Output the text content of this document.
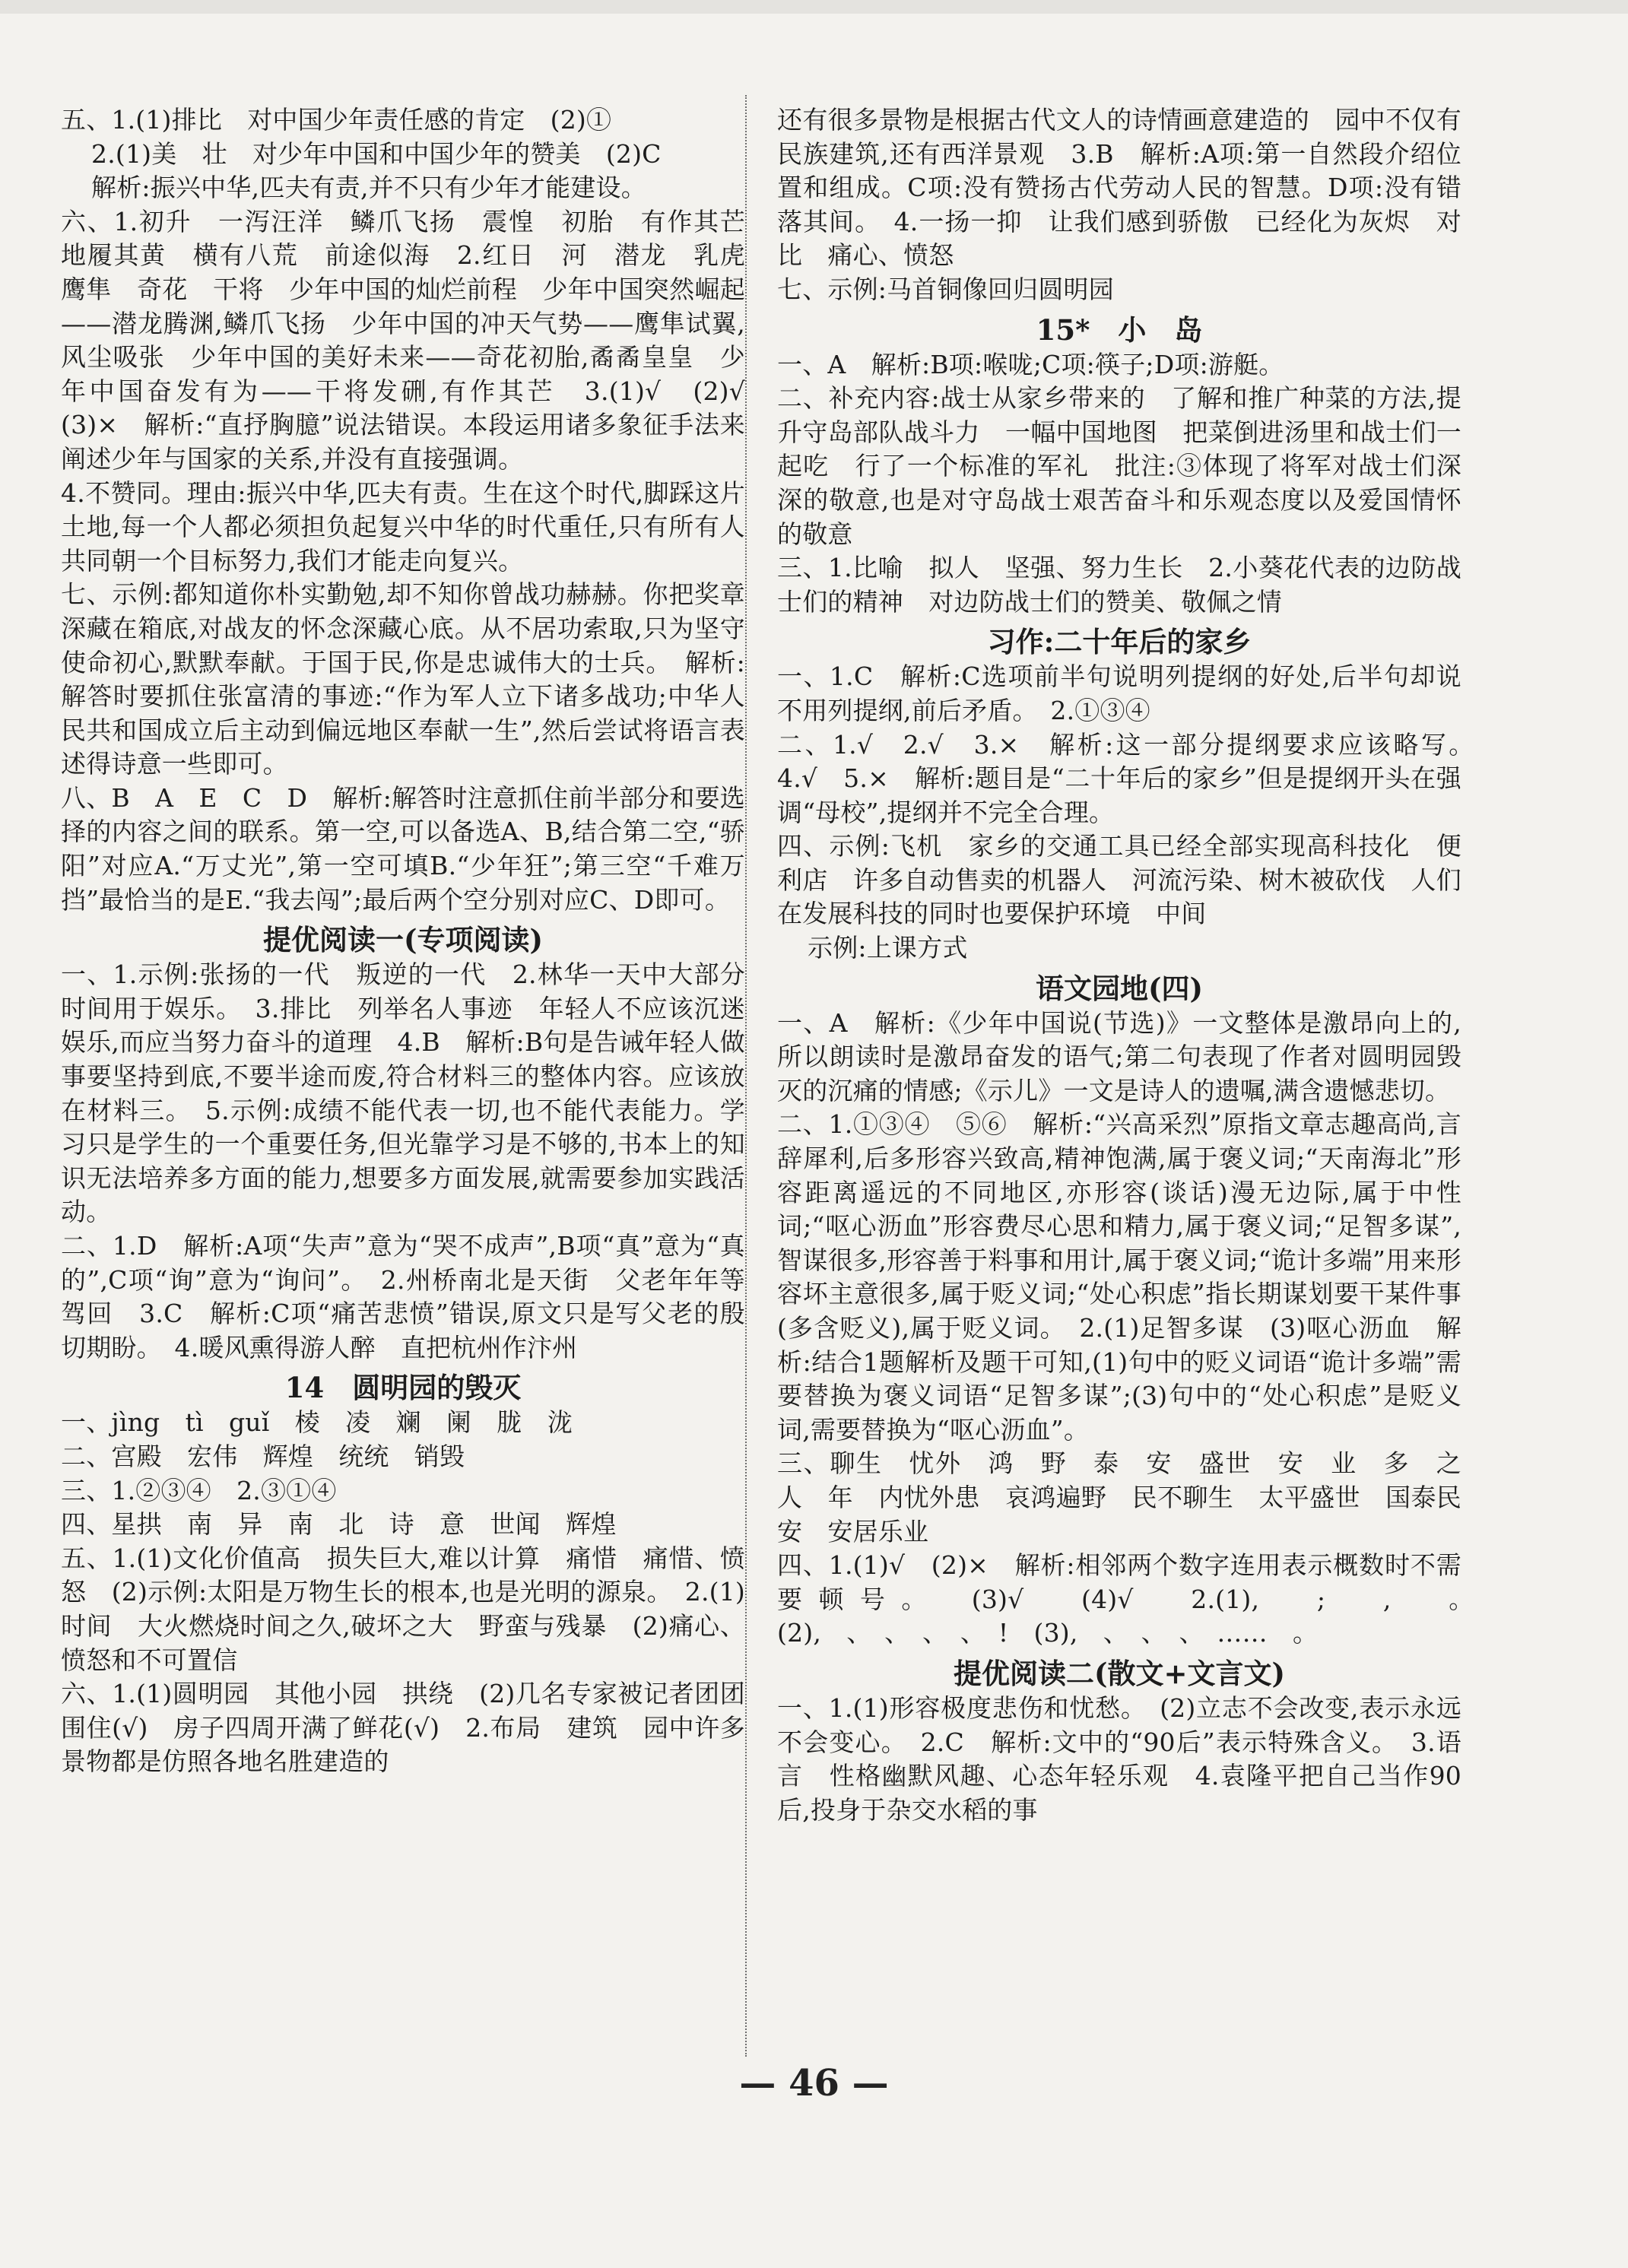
五、1.(1)排比　对中国少年责任感的肯定　(2)①

2.(1)美　壮　对少年中国和中国少年的赞美　(2)C

解析:振兴中华,匹夫有责,并不只有少年才能建设。

六、1.初升　一泻汪洋　鳞爪飞扬　震惶　初胎　有作其芒　地履其黄　横有八荒　前途似海　2.红日　河　潜龙　乳虎　鹰隼　奇花　干将　少年中国的灿烂前程　少年中国突然崛起——潜龙腾渊,鳞爪飞扬　少年中国的冲天气势——鹰隼试翼,风尘吸张　少年中国的美好未来——奇花初胎,矞矞皇皇　少年中国奋发有为——干将发硎,有作其芒　3.(1)√　(2)√　(3)×　解析:“直抒胸臆”说法错误。本段运用诸多象征手法来阐述少年与国家的关系,并没有直接强调。

4.不赞同。理由:振兴中华,匹夫有责。生在这个时代,脚踩这片土地,每一个人都必须担负起复兴中华的时代重任,只有所有人共同朝一个目标努力,我们才能走向复兴。

七、示例:都知道你朴实勤勉,却不知你曾战功赫赫。你把奖章深藏在箱底,对战友的怀念深藏心底。从不居功索取,只为坚守使命初心,默默奉献。于国于民,你是忠诚伟大的士兵。　解析:解答时要抓住张富清的事迹:“作为军人立下诸多战功;中华人民共和国成立后主动到偏远地区奉献一生”,然后尝试将语言表述得诗意一些即可。

八、B　A　E　C　D　解析:解答时注意抓住前半部分和要选择的内容之间的联系。第一空,可以备选A、B,结合第二空,“骄阳”对应A.“万丈光”,第一空可填B.“少年狂”;第三空“千难万挡”最恰当的是E.“我去闯”;最后两个空分别对应C、D即可。

提优阅读一(专项阅读)

一、1.示例:张扬的一代　叛逆的一代　2.林华一天中大部分时间用于娱乐。　3.排比　列举名人事迹　年轻人不应该沉迷娱乐,而应当努力奋斗的道理　4.B　解析:B句是告诫年轻人做事要坚持到底,不要半途而废,符合材料三的整体内容。应该放在材料三。　5.示例:成绩不能代表一切,也不能代表能力。学习只是学生的一个重要任务,但光靠学习是不够的,书本上的知识无法培养多方面的能力,想要多方面发展,就需要参加实践活动。

二、1.D　解析:A项“失声”意为“哭不成声”,B项“真”意为“真的”,C项“询”意为“询问”。　2.州桥南北是天街　父老年年等驾回　3.C　解析:C项“痛苦悲愤”错误,原文只是写父老的殷切期盼。　4.暖风熏得游人醉　直把杭州作汴州

14　圆明园的毁灭

一、jìng　tì　guǐ　棱　凌　斓　阑　胧　泷

二、宫殿　宏伟　辉煌　统统　销毁

三、1.②③④　2.③①④

四、星拱　南　异　南　北　诗　意　世闻　辉煌

五、1.(1)文化价值高　损失巨大,难以计算　痛惜　痛惜、愤怒　(2)示例:太阳是万物生长的根本,也是光明的源泉。　2.(1)时间　大火燃烧时间之久,破坏之大　野蛮与残暴　(2)痛心、愤怒和不可置信

六、1.(1)圆明园　其他小园　拱绕　(2)几名专家被记者团团围住(√)　房子四周开满了鲜花(√)　2.布局　建筑　园中许多景物都是仿照各地名胜建造的

还有很多景物是根据古代文人的诗情画意建造的　园中不仅有民族建筑,还有西洋景观　3.B　解析:A项:第一自然段介绍位置和组成。C项:没有赞扬古代劳动人民的智慧。D项:没有错落其间。　4.一扬一抑　让我们感到骄傲　已经化为灰烬　对比　痛心、愤怒

七、示例:马首铜像回归圆明园

15*　小　岛

一、A　解析:B项:喉咙;C项:筷子;D项:游艇。

二、补充内容:战士从家乡带来的　了解和推广种菜的方法,提升守岛部队战斗力　一幅中国地图　把菜倒进汤里和战士们一起吃　行了一个标准的军礼　批注:③体现了将军对战士们深深的敬意,也是对守岛战士艰苦奋斗和乐观态度以及爱国情怀的敬意

三、1.比喻　拟人　坚强、努力生长　2.小葵花代表的边防战士们的精神　对边防战士们的赞美、敬佩之情

习作:二十年后的家乡

一、1.C　解析:C选项前半句说明列提纲的好处,后半句却说不用列提纲,前后矛盾。　2.①③④

二、1.√　2.√　3.×　解析:这一部分提纲要求应该略写。　4.√　5.×　解析:题目是“二十年后的家乡”但是提纲开头在强调“母校”,提纲并不完全合理。

四、示例:飞机　家乡的交通工具已经全部实现高科技化　便利店　许多自动售卖的机器人　河流污染、树木被砍伐　人们在发展科技的同时也要保护环境　中间

示例:上课方式

语文园地(四)

一、A　解析:《少年中国说(节选)》一文整体是激昂向上的,所以朗读时是激昂奋发的语气;第二句表现了作者对圆明园毁灭的沉痛的情感;《示儿》一文是诗人的遗嘱,满含遗憾悲切。

二、1.①③④　⑤⑥　解析:“兴高采烈”原指文章志趣高尚,言辞犀利,后多形容兴致高,精神饱满,属于褒义词;“天南海北”形容距离遥远的不同地区,亦形容(谈话)漫无边际,属于中性词;“呕心沥血”形容费尽心思和精力,属于褒义词;“足智多谋”,智谋很多,形容善于料事和用计,属于褒义词;“诡计多端”用来形容坏主意很多,属于贬义词;“处心积虑”指长期谋划要干某件事(多含贬义),属于贬义词。　2.(1)足智多谋　(3)呕心沥血　解析:结合1题解析及题干可知,(1)句中的贬义词语“诡计多端”需要替换为褒义词语“足智多谋”;(3)句中的“处心积虑”是贬义词,需要替换为“呕心沥血”。

三、聊生　忧外　鸿　野　泰　安　盛世　安　业　多　之　人　年　内忧外患　哀鸿遍野　民不聊生　太平盛世　国泰民安　安居乐业

四、1.(1)√　(2)×　解析:相邻两个数字连用表示概数时不需要顿号。　(3)√　(4)√　2.(1),　;　,　。　(2),　、　、　、　、　!　(3),　、　、　、　……　。

提优阅读二(散文+文言文)

一、1.(1)形容极度悲伤和忧愁。　(2)立志不会改变,表示永远不会变心。　2.C　解析:文中的“90后”表示特殊含义。　3.语言　性格幽默风趣、心态年轻乐观　4.袁隆平把自己当作90后,投身于杂交水稻的事

— 46 —
